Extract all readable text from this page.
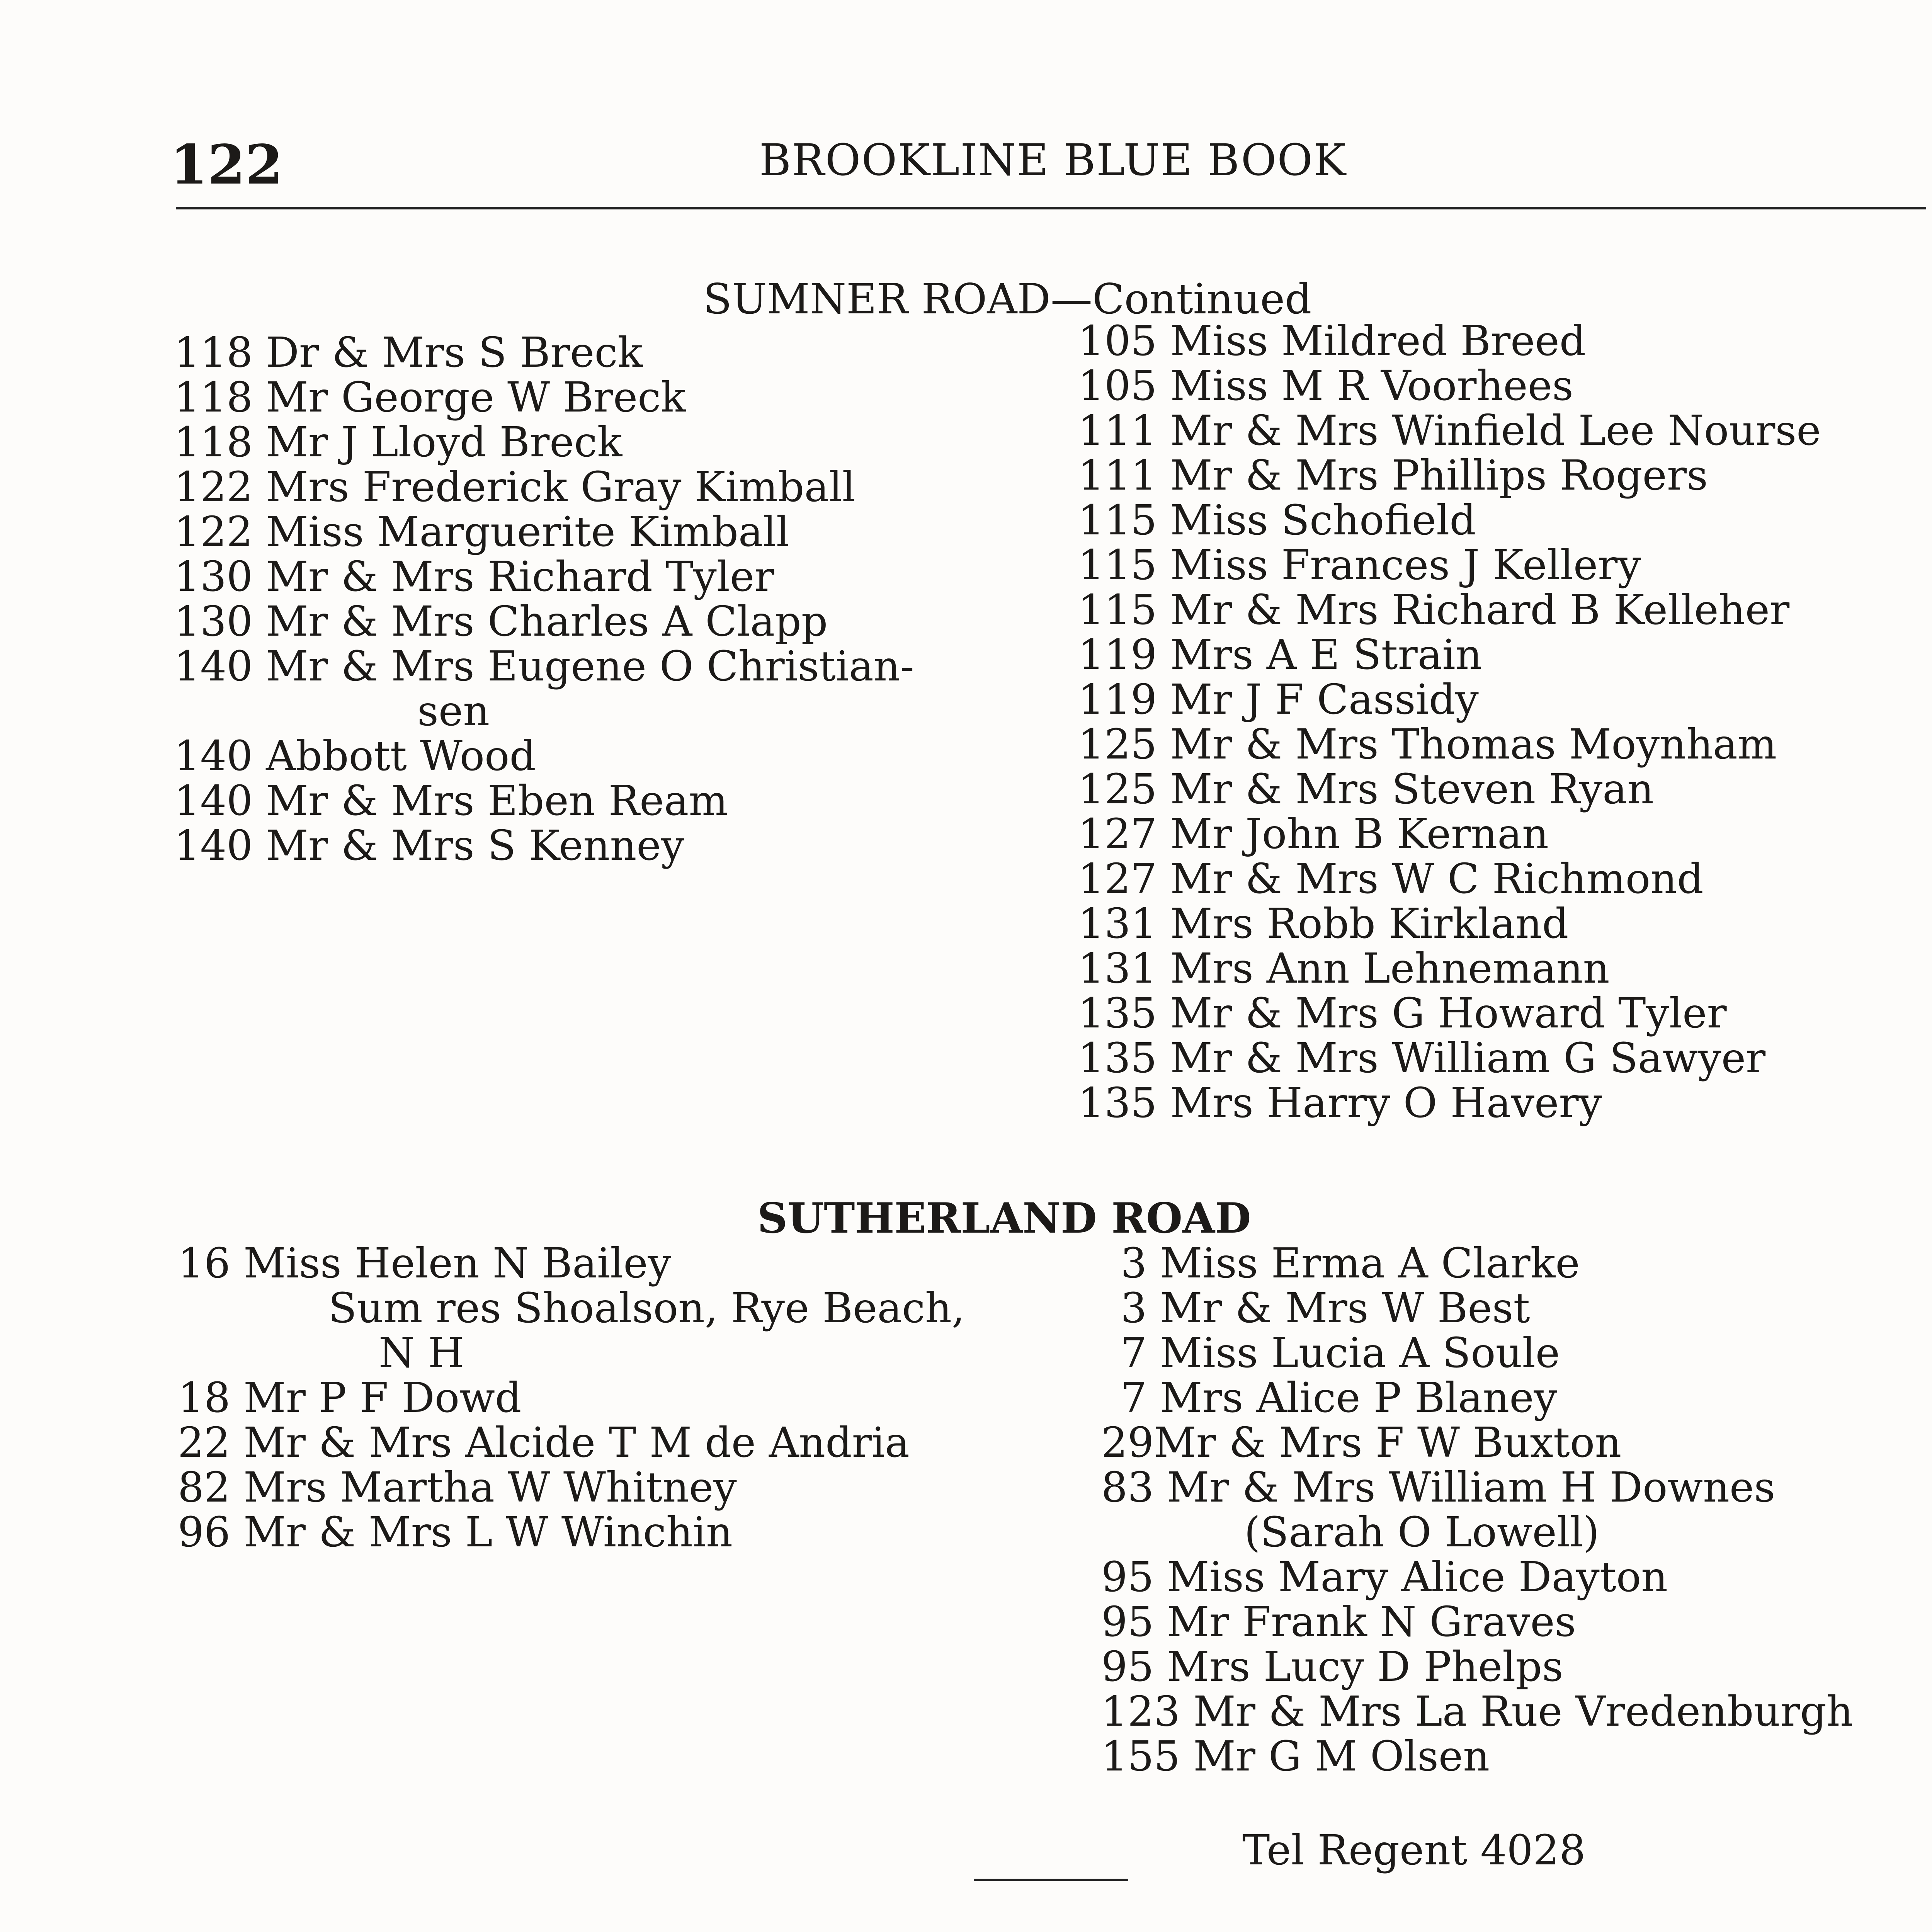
122	BROOKLINE BLUE BOOK
SUMNER ROAD—Continued
118 Dr & Mrs S Breck
118 Mr George W Breck
118 Mr J Lloyd Breck
122 Mrs Frederick Gray Kimball
122 Miss Marguerite Kimball
130 Mr & Mrs Richard Tyler
130 Mr & Mrs Charles A Clapp
140 Mr & Mrs Eugene O Christian-
sen
140 Abbott Wood
140 Mr & Mrs Eben Ream
140 Mr & Mrs S Kenney
105 Miss Mildred Breed
105 Miss M R Voorhees
111 Mr & Mrs Winfield Lee Nourse
111 Mr & Mrs Phillips Rogers
115 Miss Schofield
115 Miss Frances J Kellery
115 Mr & Mrs Richard B Kelleher
119 Mrs A E Strain
119 Mr J F Cassidy
125 Mr & Mrs Thomas Moynham
125 Mr & Mrs Steven Ryan
127 Mr John B Kernan
127 Mr & Mrs W C Richmond
131 Mrs Robb Kirkland
131 Mrs Ann Lehnemann
135 Mr & Mrs G Howard Tyler
135 Mr & Mrs William G Sawyer
135 Mrs Harry O Havery
SUTHERLAND ROAD
16 Miss Helen N Bailey
Sum res Shoalson, Rye Beach,
N H
18 Mr P F Dowd
22 Mr & Mrs Alcide T M de Andria
82 Mrs Martha W Whitney
96 Mr & Mrs L W Winchin
3 Miss Erma A Clarke
3 Mr & Mrs W Best
7 Miss Lucia A Soule
7 Mrs Alice P Blaney
29Mr & Mrs F W Buxton
83 Mr & Mrs William H Downes
(Sarah O Lowell)
95 Miss Mary Alice Dayton
95 Mr Frank N Graves
95 Mrs Lucy D Phelps
123 Mr & Mrs La Rue Vredenburgh
155 Mr G M Olsen
Tel Regent 4028
